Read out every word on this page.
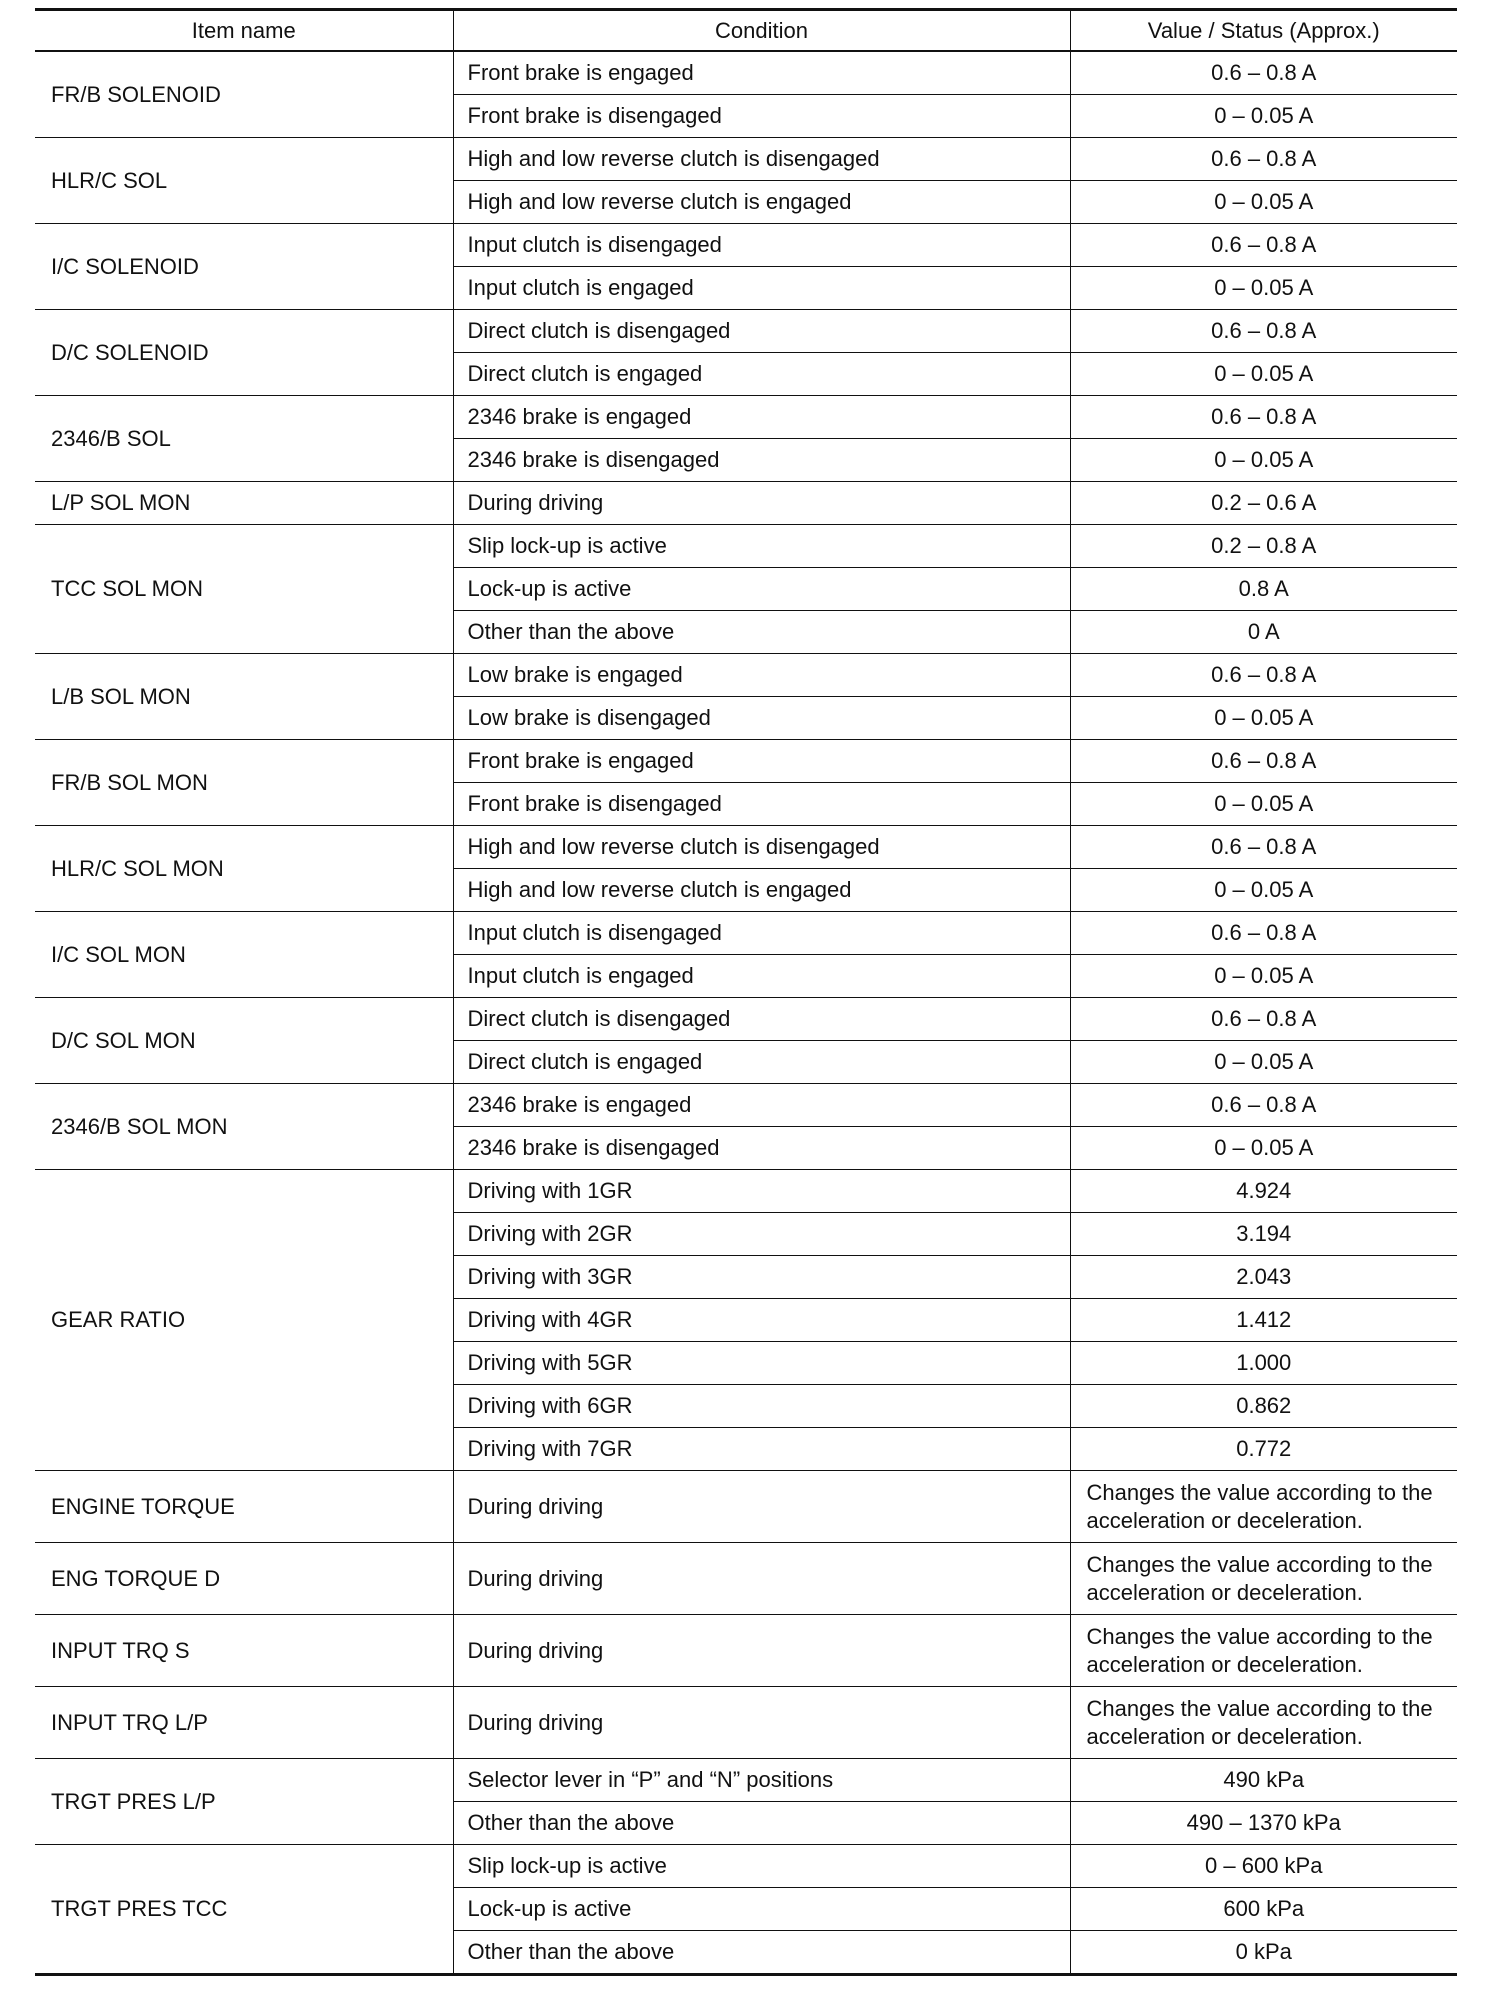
Item name	Condition	Value / Status (Approx.)
FR/B SOLENOID	Front brake is engaged	0.6 – 0.8 A
	Front brake is disengaged	0 – 0.05 A
HLR/C SOL	High and low reverse clutch is disengaged	0.6 – 0.8 A
	High and low reverse clutch is engaged	0 – 0.05 A
I/C SOLENOID	Input clutch is disengaged	0.6 – 0.8 A
	Input clutch is engaged	0 – 0.05 A
D/C SOLENOID	Direct clutch is disengaged	0.6 – 0.8 A
	Direct clutch is engaged	0 – 0.05 A
2346/B SOL	2346 brake is engaged	0.6 – 0.8 A
	2346 brake is disengaged	0 – 0.05 A
L/P SOL MON	During driving	0.2 – 0.6 A
TCC SOL MON	Slip lock-up is active	0.2 – 0.8 A
	Lock-up is active	0.8 A
	Other than the above	0 A
L/B SOL MON	Low brake is engaged	0.6 – 0.8 A
	Low brake is disengaged	0 – 0.05 A
FR/B SOL MON	Front brake is engaged	0.6 – 0.8 A
	Front brake is disengaged	0 – 0.05 A
HLR/C SOL MON	High and low reverse clutch is disengaged	0.6 – 0.8 A
	High and low reverse clutch is engaged	0 – 0.05 A
I/C SOL MON	Input clutch is disengaged	0.6 – 0.8 A
	Input clutch is engaged	0 – 0.05 A
D/C SOL MON	Direct clutch is disengaged	0.6 – 0.8 A
	Direct clutch is engaged	0 – 0.05 A
2346/B SOL MON	2346 brake is engaged	0.6 – 0.8 A
	2346 brake is disengaged	0 – 0.05 A
GEAR RATIO	Driving with 1GR	4.924
	Driving with 2GR	3.194
	Driving with 3GR	2.043
	Driving with 4GR	1.412
	Driving with 5GR	1.000
	Driving with 6GR	0.862
	Driving with 7GR	0.772
ENGINE TORQUE	During driving	Changes the value according to the acceleration or deceleration.
ENG TORQUE D	During driving	Changes the value according to the acceleration or deceleration.
INPUT TRQ S	During driving	Changes the value according to the acceleration or deceleration.
INPUT TRQ L/P	During driving	Changes the value according to the acceleration or deceleration.
TRGT PRES L/P	Selector lever in “P” and “N” positions	490 kPa
	Other than the above	490 – 1370 kPa
TRGT PRES TCC	Slip lock-up is active	0 – 600 kPa
	Lock-up is active	600 kPa
	Other than the above	0 kPa
